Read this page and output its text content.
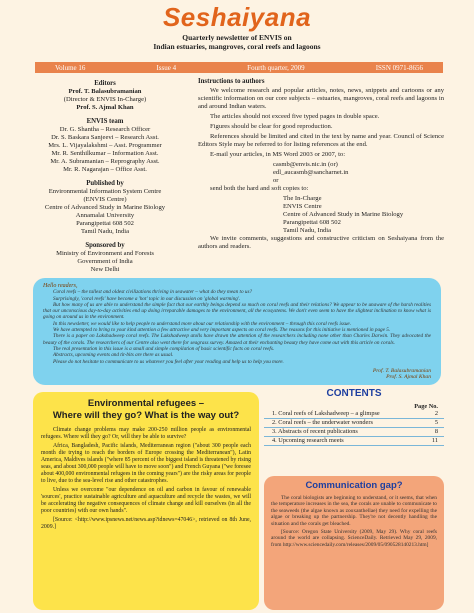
Seshaiyana
Quarterly newsletter of ENVIS on
Indian estuaries, mangroves, coral reefs and lagoons
Volume 16	Issue 4	Fourth quarter, 2009	ISSN 0971-8656
Editors
Prof. T. Balasubramanian
(Director & ENVIS In-Charge)
Prof. S. Ajmal Khan
ENVIS team
Dr. G. Shantha – Research Officer
Dr. S. Baskara Sanjeevi – Research Asst.
Mrs. L. Vijayalakshmi – Asst. Programmer
Mr. R. Senthilkumar – Information Asst.
Mr. A. Subramanian – Reprography Asst.
Mr. R. Nagarajan – Office Asst.
Published by
Environmental Information System Centre
(ENVIS Centre)
Centre of Advanced Study in Marine Biology
Annamalai University
Parangipettai 608 502
Tamil Nadu, India
Sponsored by
Ministry of Environment and Forests
Government of India
New Delhi
Instructions to authors

We welcome research and popular articles, notes, news, snippets and cartoons or any scientific information on our core subjects – estuaries, mangroves, coral reefs and lagoons in and around Indian waters.

The articles should not exceed five typed pages in double space.

Figures should be clear for good reproduction.

References should be limited and cited in the text by name and year. Council of Science Editors Style may be referred to for listing references at the end.

E-mail your articles, in MS Word 2003 or 2007, to:

casmb@envis.nic.in (or)
edl_aucasmb@sancharnet.in
or

send both the hard and soft copies to:

The In-Charge
ENVIS Centre
Centre of Advanced Study in Marine Biology
Parangipettai 608 502
Tamil Nadu, India

We invite comments, suggestions and constructive criticism on Seshaiyana from the authors and readers.

Hello readers,

Coral reefs – the tallest and oldest civilizations thriving in seawater – what do they mean to us?

Surprisingly, 'coral reefs' have become a 'hot' topic in our discussion on 'global warming'.

But how many of us are able to understand the simple fact that our earthly beings depend so much on coral reefs and their relations? We appear to be unaware of the harsh realities that our unconscious day-to-day activities end up doing irreparable damages to the environment, all the ecosystems. We don't even seem to have the slightest inclination to know what is going on around us in the environment.

In this newsletter, we would like to help people to understand more about our relationship with the environment – through this coral reefs issue.

We have attempted to bring to your kind attention a few attractive and very important aspects on coral reefs. The reasons for this initiative is mentioned in page 5.

There is a paper on Lakshadweep coral reefs. The Lakshadweep atolls have drawn the attention of the researchers including none other than Charles Darwin. They advocated the beauty of the corals. The researchers of our Centre also went there for seagrass survey. Amazed at their enchanting beauty they have come out with this article on corals.

The real presentation in this issue is a small and simple compilation of basic scientific facts on coral reefs.

Abstracts, upcoming events and tit-bits are there as usual.

Please do not hesitate to communicate to us whatever you feel after your reading and help us to help you more.

Prof. T. Balasubramanian
Prof. S. Ajmal Khan
Environmental refugees –
Where will they go? What is the way out?

Climate change problems may make 200-250 million people as environmental refugees. Where will they go? Or, will they be able to survive?

Africa, Bangladesh, Pacific islands, Mediterranean region ("about 300 people each month die trying to reach the borders of Europe crossing the Mediterranean"), Latin America, Maldives islands ("where 85 percent of the biggest island is threatened by rising seas, and about 300,000 people will have to move soon") and French Guyana ("we foresee about 400,000 environmental refugees in the coming years") are the risky areas for people to live, due to the sea-level rise and other catastrophes.

Unless we overcome "our dependence on oil and carbon in favour of renewable 'sources', practice sustainable agriculture and aquaculture and recycle the wastes, we will be accelerating the negative consequences of climate change and kill ourselves (in all the poor countries) with our own hands".

[Source: <http://www.ipsnews.net/news.asp?idnews=47046>, retrieved on 8th June, 2009.]

CONTENTS
Page No.
1. Coral reefs of Lakshadweep – a glimpse	2
2. Coral reefs – the underwater wonders	5
3. Abstracts of recent publications	8
4. Upcoming research meets	11
Communication gap?

The coral biologists are beginning to understand, or it seems, that when the temperature increases in the sea, the corals are unable to communicate to the seaweeds (the algae known as zooxanthellae) they need for expelling the algae or breaking up the partnership. They're not decently handling the situation and the corals get bleached.

[Source: Oregon State University (2009, May 29). Why coral reefs around the world are collapsing. ScienceDaily. Retrieved May 29, 2009, from http://www.sciencedaily.com/releases/2009/05/090528140213.htm]
